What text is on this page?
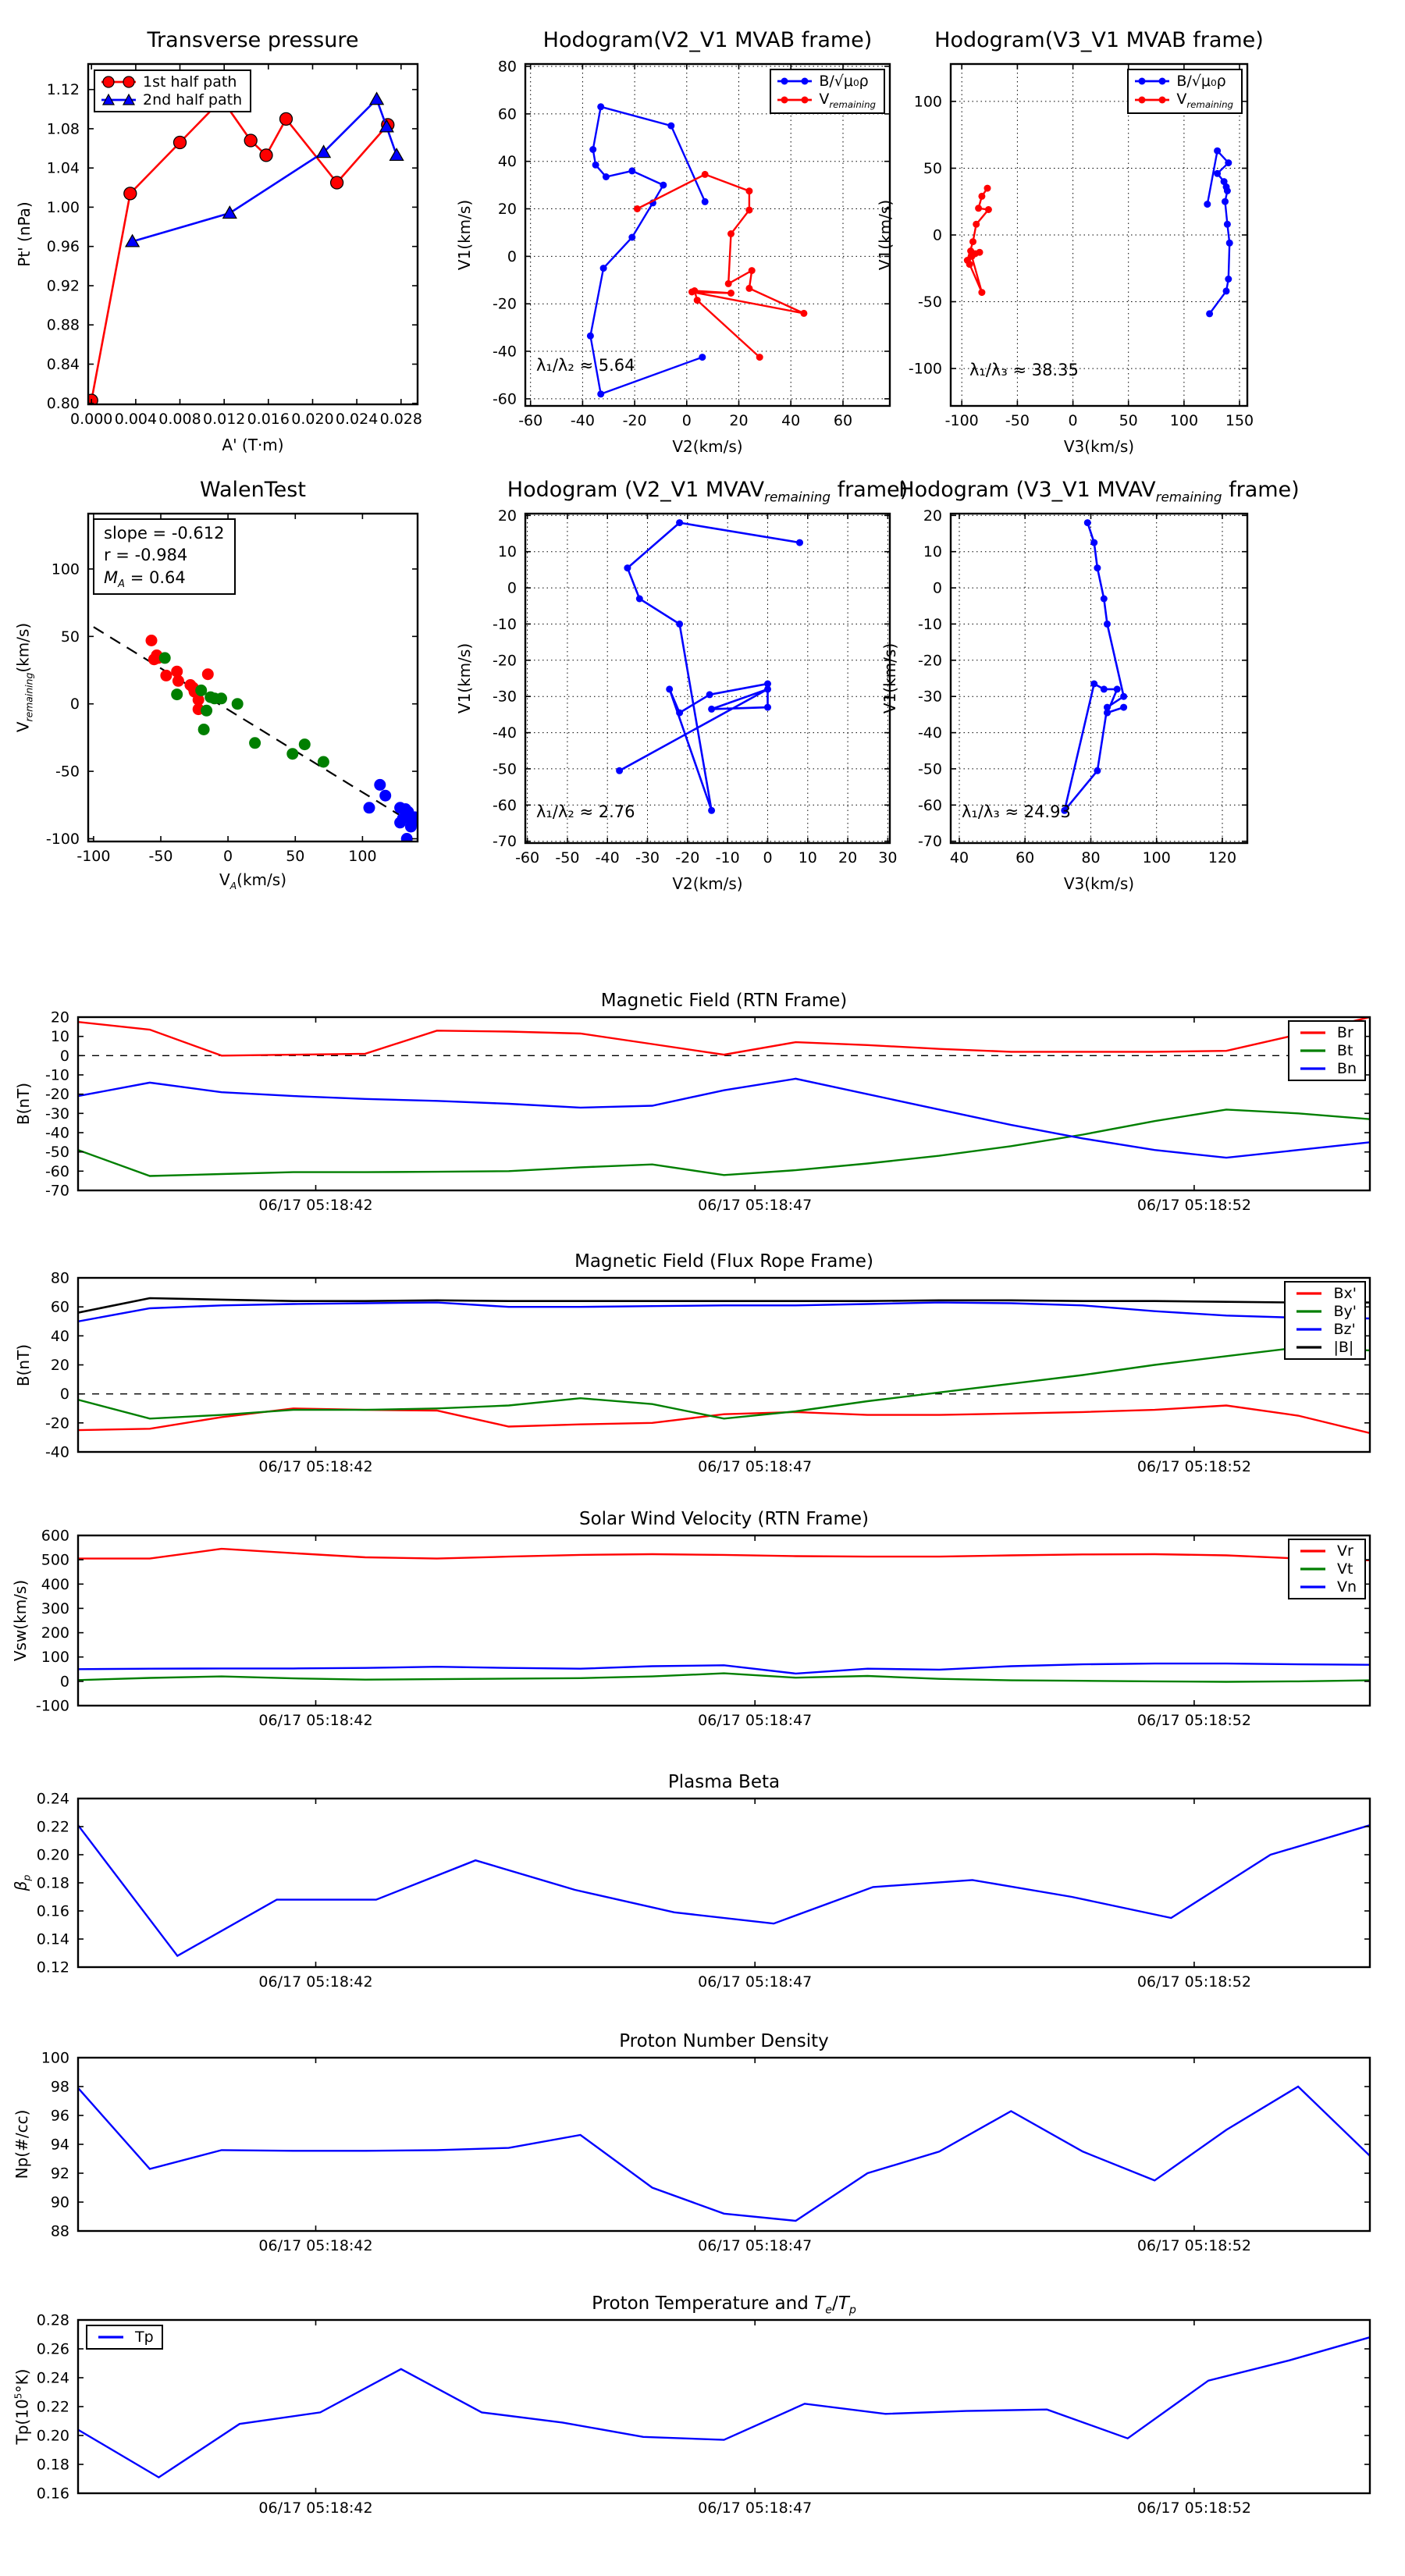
Transverse pressure
Pt' (nPa)
0.000 0.004 0.008 0.012 0.016 0.020 0.024 0.028
0.80
0.84
0.88
0.92
0.96
1.00
1.04
1.08
1.12
A' (T·m)
1st half path
2nd half path
Hodogram(V2_V1 MVAB frame)
V1(km/s)
-60 -40 -20 0	20 40 60
-60
-40
-20
0
20
40
60
80
V2(km/s)
B/√μ₀ρ
$V_{remaining}$
λ₁/λ₂ ≈ 5.64
Hodogram(V3_V1 MVAB frame)
V1(km/s)
-100 -50	0	50 100 150
-100
-50
0
50
100
V3(km/s)
B/√μ₀ρ
$V_{remaining}$
λ₁/λ₃ ≈ 38.35
WalenTest
$V_{remaining}(km/s)$
-100	-50	0	50	100
-100
-50
0
50
100
$V_A(km/s)$
slope = -0.612
r = -0.984
$M_A = 0.64$
Hodogram (V2_V1 $MVAV_{remaining}$ frame)
V1(km/s)
-60 -50 -40 -30 -20 -10 0 10 20 30
-70
-60
-50
-40
-30
-20
-10
0
10
20
V2(km/s)
λ₁/λ₂ ≈ 2.76
Hodogram (V3_V1 $MVAV_{remaining}$ frame)
V1(km/s)
40	60	80	100	120
-70
-60
-50
-40
-30
-20
-10
0
10
20
V3(km/s)
λ₁/λ₃ ≈ 24.93
Magnetic Field (RTN Frame)
B(nT)
06/17 05:18:42	06/17 05:18:47	06/17 05:18:52
20
10
0
-10
-20
-30
-40
-50
-60
-70
Br
Bt
Bn
Magnetic Field (Flux Rope Frame)
B(nT)
06/17 05:18:42	06/17 05:18:47	06/17 05:18:52
80
60
40
20
0
-20
-40
Bx'
By'
Bz'
|B|
Solar Wind Velocity (RTN Frame)
Vsw(km/s)
06/17 05:18:42	06/17 05:18:47	06/17 05:18:52
600
500
400
300
200
100
0
-100
Vr
Vt
Vn
Plasma Beta
$\beta_p$
06/17 05:18:42	06/17 05:18:47	06/17 05:18:52
0.24
0.22
0.20
0.18
0.16
0.14
0.12
Proton Number Density
Np(#/cc)
06/17 05:18:42	06/17 05:18:47	06/17 05:18:52
100
98
96
94
92
90
88
Proton Temperature and $T_e/T_p$
$Tp(10^5^\circ K)$
06/17 05:18:42	06/17 05:18:47	06/17 05:18:52
0.28
0.26
0.24
0.22
0.20
0.18
0.16
Tp
